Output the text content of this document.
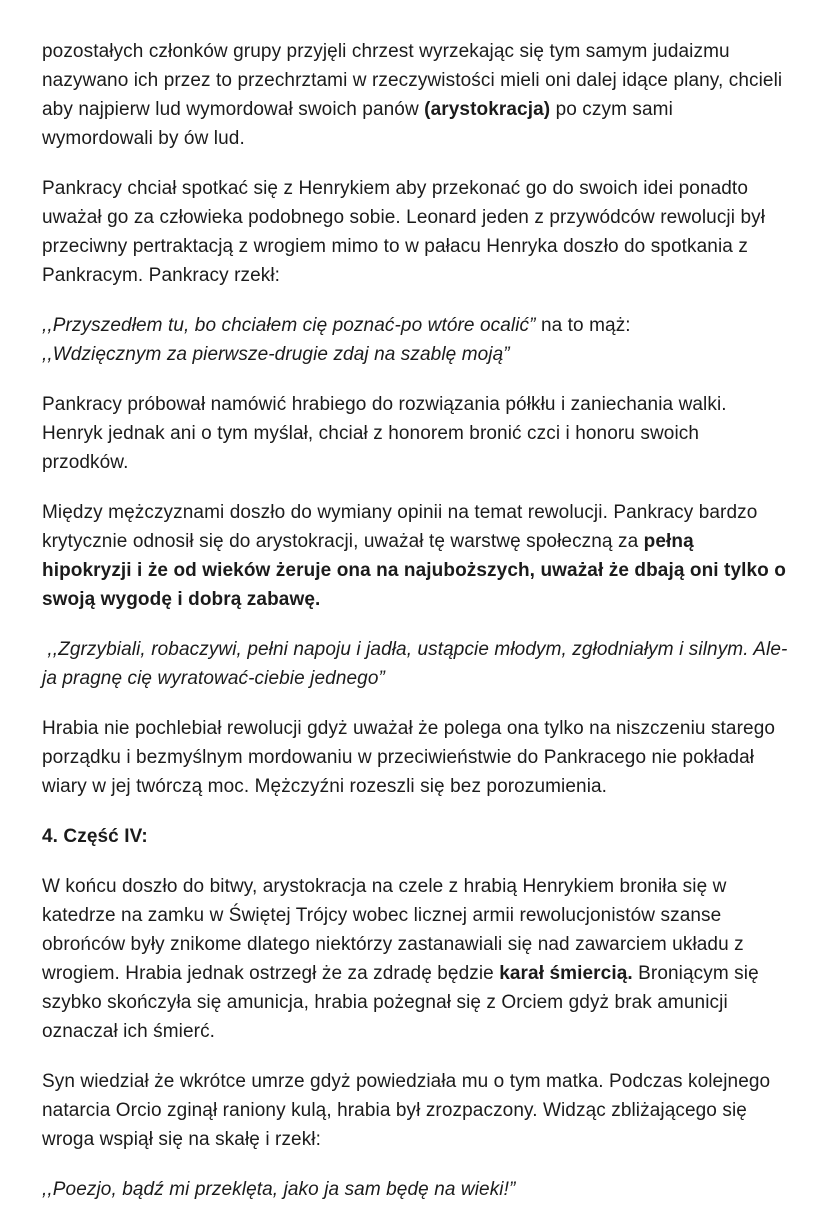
pozostałych członków grupy przyjęli chrzest wyrzekając się tym samym judaizmu nazywano ich przez to przechrztami w rzeczywistości mieli oni dalej idące plany, chcieli aby najpierw lud wymordował swoich panów (arystokracja) po czym sami wymordowali by ów lud.

Pankracy chciał spotkać się z Henrykiem aby przekonać go do swoich idei ponadto uważał go za człowieka podobnego sobie. Leonard jeden z przywódców rewolucji był przeciwny pertraktacją z wrogiem mimo to w pałacu Henryka doszło do spotkania z Pankracym. Pankracy rzekł:

,,Przyszedłem tu, bo chciałem cię poznać-po wtóre ocalić” na to mąż:
,,Wdzięcznym za pierwsze-drugie zdaj na szablę moją”

Pankracy próbował namówić hrabiego do rozwiązania półkłu i zaniechania walki. Henryk jednak ani o tym myślał, chciał z honorem bronić czci i honoru swoich przodków.

Między mężczyznami doszło do wymiany opinii na temat rewolucji. Pankracy bardzo krytycznie odnosił się do arystokracji, uważał tę warstwę społeczną za pełną hipokryzji i że od wieków żeruje ona na najuboższych, uważał że dbają oni tylko o swoją wygodę i dobrą zabawę.

,,Zgrzybiali, robaczywi, pełni napoju i jadła, ustąpcie młodym, zgłodniałym i silnym. Ale-ja pragnę cię wyratować-ciebie jednego”

Hrabia nie pochlebiał rewolucji gdyż uważał że polega ona tylko na niszczeniu starego porządku i bezmyślnym mordowaniu w przeciwieństwie do Pankracego nie pokładał wiary w jej twórczą moc. Mężczyźni rozeszli się bez porozumienia.

4. Część IV:

W końcu doszło do bitwy, arystokracja na czele z hrabią Henrykiem broniła się w katedrze na zamku w Świętej Trójcy wobec licznej armii rewolucjonistów szanse obrońców były znikome dlatego niektórzy zastanawiali się nad zawarciem układu z wrogiem. Hrabia jednak ostrzegł że za zdradę będzie karał śmiercią. Broniącym się szybko skończyła się amunicja, hrabia pożegnał się z Orciem gdyż brak amunicji oznaczał ich śmierć.

Syn wiedział że wkrótce umrze gdyż powiedziała mu o tym matka. Podczas kolejnego natarcia Orcio zginął raniony kulą, hrabia był zrozpaczony. Widząc zbliżającego się wroga wspiął się na skałę i rzekł:

,,Poezjo, bądź mi przeklęta, jako ja sam będę na wieki!”
